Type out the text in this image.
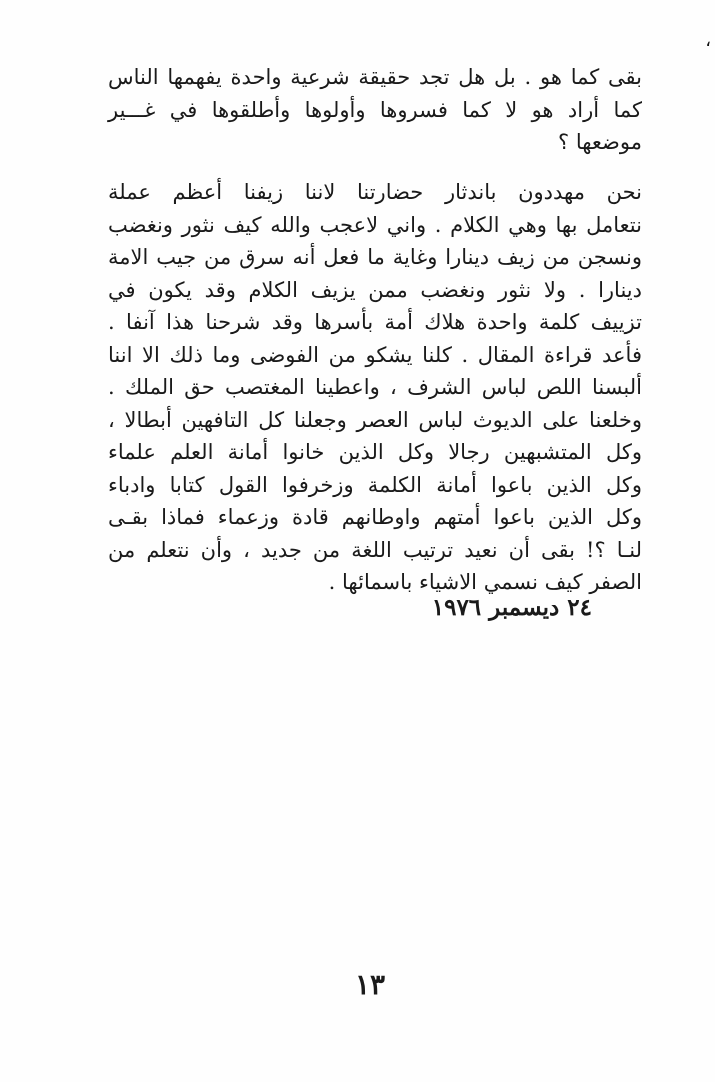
،
بقى كما هو . بل هل تجد حقيقة شرعية واحدة يفهمها الناس
كما أراد هو لا كما فسروها وأولوها وأطلقوها في غـــير
موضعها ؟
نحن مهددون باندثار حضارتنا لاننا زيفنا أعظم عملة
نتعامل بها وهي الكلام . واني لاعجب والله كيف نثور ونغضب
ونسجن من زيف دينارا وغاية ما فعل أنه سرق من جيب الامة
دينارا . ولا نثور ونغضب ممن يزيف الكلام وقد يكون في
تزييف كلمة واحدة هلاك أمة بأسرها وقد شرحنا هذا آنفا .
فأعد قراءة المقال . كلنا يشكو من الفوضى وما ذلك الا اننا
ألبسنا اللص لباس الشرف ، واعطينا المغتصب حق الملك .
وخلعنا على الديوث لباس العصر وجعلنا كل التافهين أبطالا ،
وكل المتشبهين رجالا وكل الذين خانوا أمانة العلم علماء
وكل الذين باعوا أمانة الكلمة وزخرفوا القول كتابا وادباء
وكل الذين باعوا أمتهم واوطانهم قادة وزعماء فماذا بقـى
لنـا ؟! بقى أن نعيد ترتيب اللغة من جديد ، وأن نتعلم من
الصفر كيف نسمي الاشياء باسمائها .
٢٤ ديسمبر ١٩٧٦
١٣
